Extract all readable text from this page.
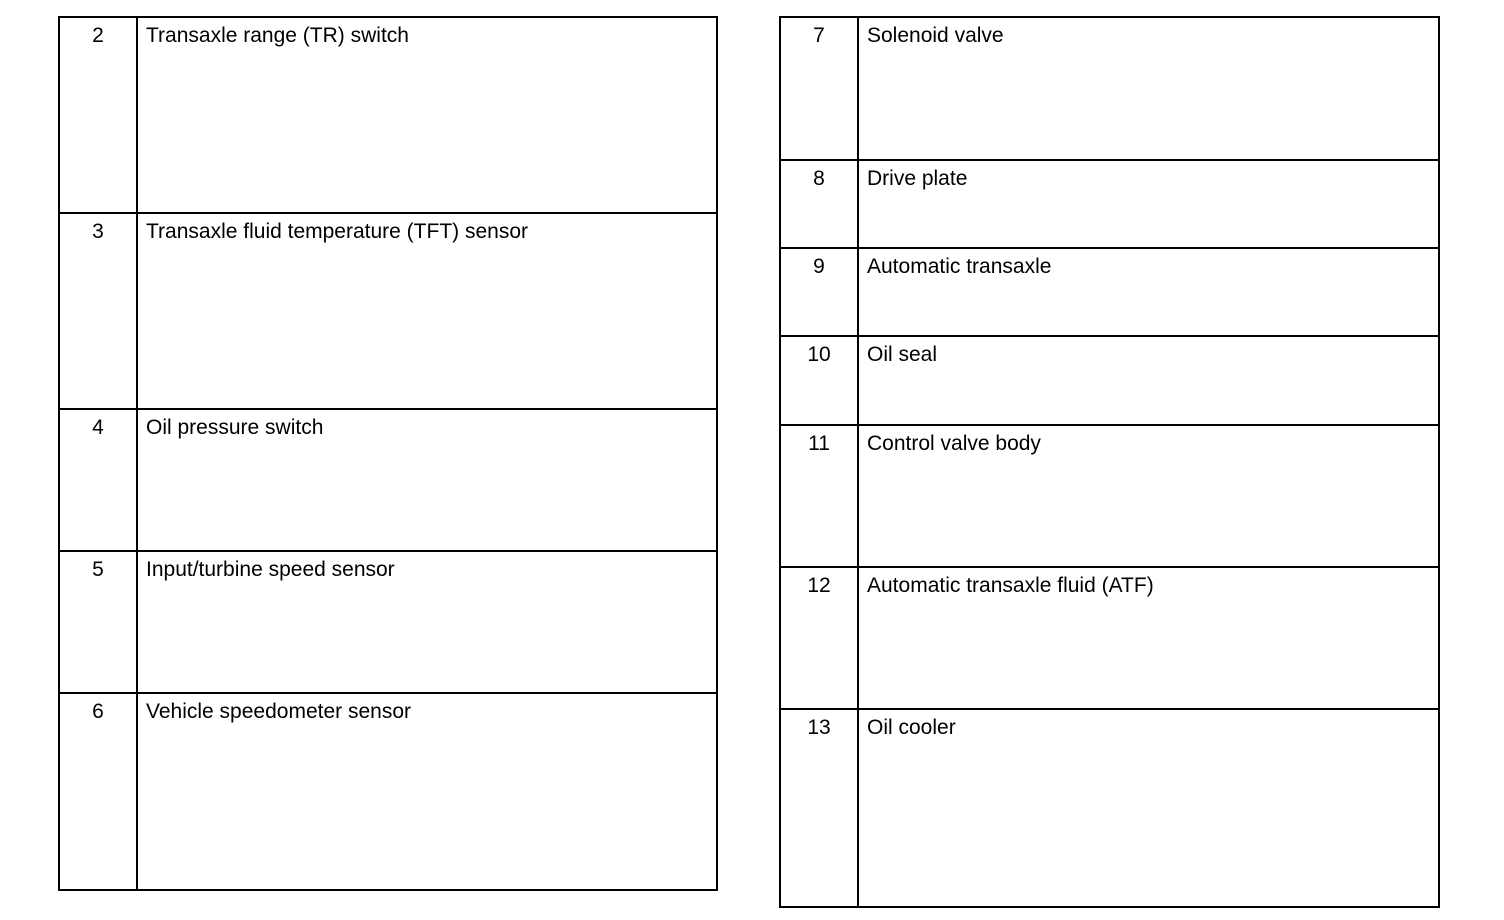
2	Transaxle range (TR) switch
3	Transaxle fluid temperature (TFT) sensor
4	Oil pressure switch
5	Input/turbine speed sensor
6	Vehicle speedometer sensor
7	Solenoid valve
8	Drive plate
9	Automatic transaxle
10	Oil seal
11	Control valve body
12	Automatic transaxle fluid (ATF)
13	Oil cooler
